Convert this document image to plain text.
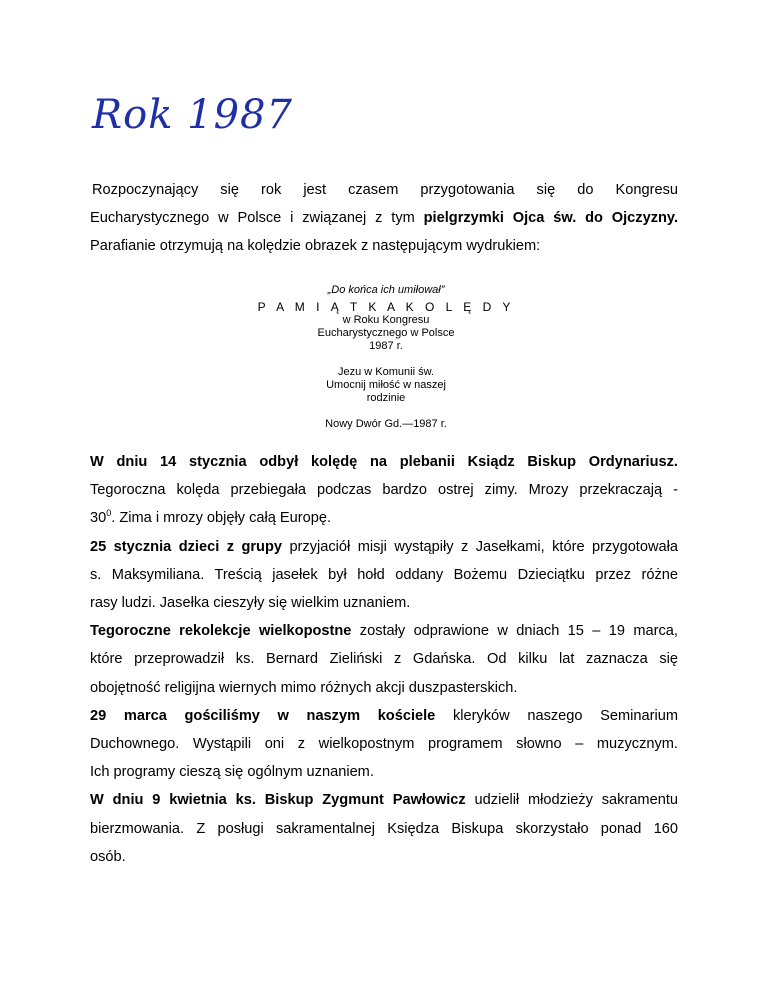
Rok 1987
Rozpoczynający się rok jest czasem przygotowania się do Kongresu
Eucharystycznego w Polsce i związanej z tym pielgrzymki Ojca św. do Ojczyzny.
Parafianie otrzymują na kolędzie obrazek z następującym wydrukiem:
„Do końca ich umiłował”
P A M I Ą T K A K O L Ę D Y
w Roku Kongresu
Eucharystycznego w Polsce
1987 r.
Jezu w Komunii św.
Umocnij miłość w naszej
rodzinie
Nowy Dwór Gd.—1987 r.
W dniu 14 stycznia odbył kolędę na plebanii Ksiądz Biskup Ordynariusz.
Tegoroczna kolęda przebiegała podczas bardzo ostrej zimy. Mrozy przekraczają -
$30^0$. Zima i mrozy objęły całą Europę.
25 stycznia dzieci z grupy przyjaciół misji wystąpiły z Jasełkami, które przygotowała
s. Maksymiliana. Treścią jasełek był hołd oddany Bożemu Dzieciątku przez różne
rasy ludzi. Jasełka cieszyły się wielkim uznaniem.
Tegoroczne rekolekcje wielkopostne zostały odprawione w dniach 15 – 19 marca,
które przeprowadził ks. Bernard Zieliński z Gdańska. Od kilku lat zaznacza się
obojętność religijna wiernych mimo różnych akcji duszpasterskich.
29 marca gościliśmy w naszym kościele kleryków naszego Seminarium
Duchownego. Wystąpili oni z wielkopostnym programem słowno – muzycznym.
Ich programy cieszą się ogólnym uznaniem.
W dniu 9 kwietnia ks. Biskup Zygmunt Pawłowicz udzielił młodzieży sakramentu
bierzmowania. Z posługi sakramentalnej Księdza Biskupa skorzystało ponad 160
osób.
